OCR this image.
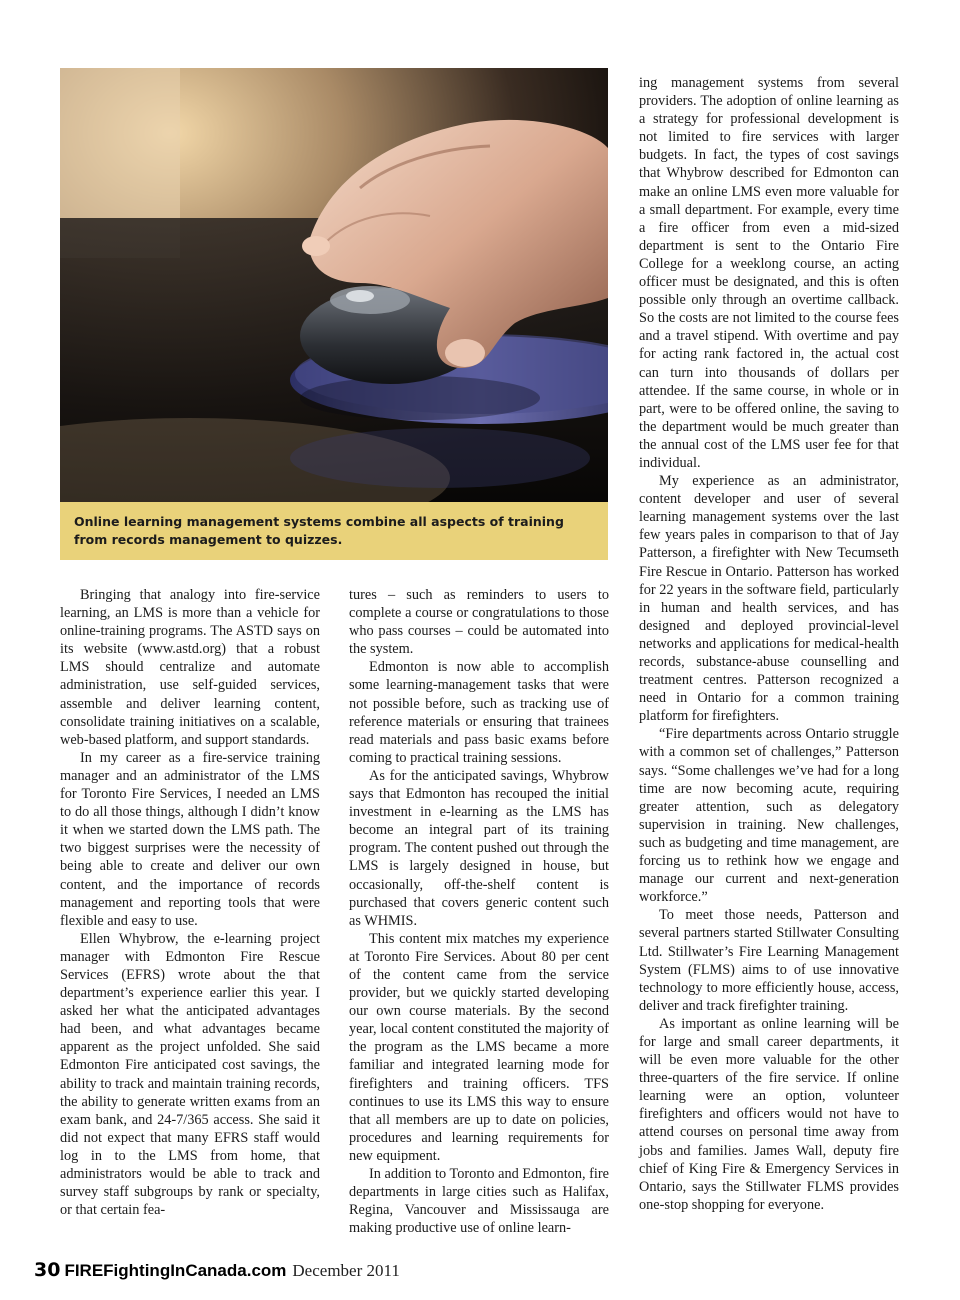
Online learning management systems combine all aspects of training from records management to quizzes.

Bringing that analogy into fire-service learning, an LMS is more than a vehicle for online-training programs. The ASTD says on its website (www.astd.org) that a robust LMS should centralize and automate administration, use self-guided services, assemble and deliver learning content, consolidate training initiatives on a scalable, web-based platform, and support standards.

In my career as a fire-service training manager and an administrator of the LMS for Toronto Fire Services, I needed an LMS to do all those things, although I didn’t know it when we started down the LMS path. The two biggest surprises were the necessity of being able to create and deliver our own content, and the importance of records management and reporting tools that were flexible and easy to use.

Ellen Whybrow, the e-learning project manager with Edmonton Fire Rescue Services (EFRS) wrote about the that department’s experience earlier this year. I asked her what the anticipated advantages had been, and what advantages became apparent as the project unfolded. She said Edmonton Fire anticipated cost savings, the ability to track and maintain training records, the ability to generate written exams from an exam bank, and 24-7/365 access. She said it did not expect that many EFRS staff would log in to the LMS from home, that administrators would be able to track and survey staff subgroups by rank or specialty, or that certain fea-

tures – such as reminders to users to complete a course or congratulations to those who pass courses – could be automated into the system.

Edmonton is now able to accomplish some learning-management tasks that were not possible before, such as tracking use of reference materials or ensuring that trainees read materials and pass basic exams before coming to practical training sessions.

As for the anticipated savings, Whybrow says that Edmonton has recouped the initial investment in e-learning as the LMS has become an integral part of its training program. The content pushed out through the LMS is largely designed in house, but occasionally, off-the-shelf content is purchased that covers generic content such as WHMIS.

This content mix matches my experience at Toronto Fire Services. About 80 per cent of the content came from the service provider, but we quickly started developing our own course materials. By the second year, local content constituted the majority of the program as the LMS became a more familiar and integrated learning mode for firefighters and training officers. TFS continues to use its LMS this way to ensure that all members are up to date on policies, procedures and learning requirements for new equipment.

In addition to Toronto and Edmonton, fire departments in large cities such as Halifax, Regina, Vancouver and Mississauga are making productive use of online learn-

ing management systems from several providers. The adoption of online learning as a strategy for professional development is not limited to fire services with larger budgets. In fact, the types of cost savings that Whybrow described for Edmonton can make an online LMS even more valuable for a small department. For example, every time a fire officer from even a mid-sized department is sent to the Ontario Fire College for a weeklong course, an acting officer must be designated, and this is often possible only through an overtime callback. So the costs are not limited to the course fees and a travel stipend. With overtime and pay for acting rank factored in, the actual cost can turn into thousands of dollars per attendee. If the same course, in whole or in part, were to be offered online, the saving to the department would be much greater than the annual cost of the LMS user fee for that individual.

My experience as an administrator, content developer and user of several learning management systems over the last few years pales in comparison to that of Jay Patterson, a firefighter with New Tecumseth Fire Rescue in Ontario. Patterson has worked for 22 years in the software field, particularly in human and health services, and has designed and deployed provincial-level networks and applications for medical-health records, substance-abuse counselling and treatment centres. Patterson recognized a need in Ontario for a common training platform for firefighters.

“Fire departments across Ontario struggle with a common set of challenges,” Patterson says. “Some challenges we’ve had for a long time are now becoming acute, requiring greater attention, such as delegatory supervision in training. New challenges, such as budgeting and time management, are forcing us to rethink how we engage and manage our current and next-generation workforce.”

To meet those needs, Patterson and several partners started Stillwater Consulting Ltd. Stillwater’s Fire Learning Management System (FLMS) aims to of use innovative technology to more efficiently house, access, deliver and track firefighter training.

As important as online learning will be for large and small career departments, it will be even more valuable for the other three-quarters of the fire service. If online learning were an option, volunteer firefighters and officers would not have to attend courses on personal time away from jobs and families. James Wall, deputy fire chief of King Fire & Emergency Services in Ontario, says the Stillwater FLMS provides one-stop shopping for everyone.

30 FIREFightingInCanada.com December 2011
